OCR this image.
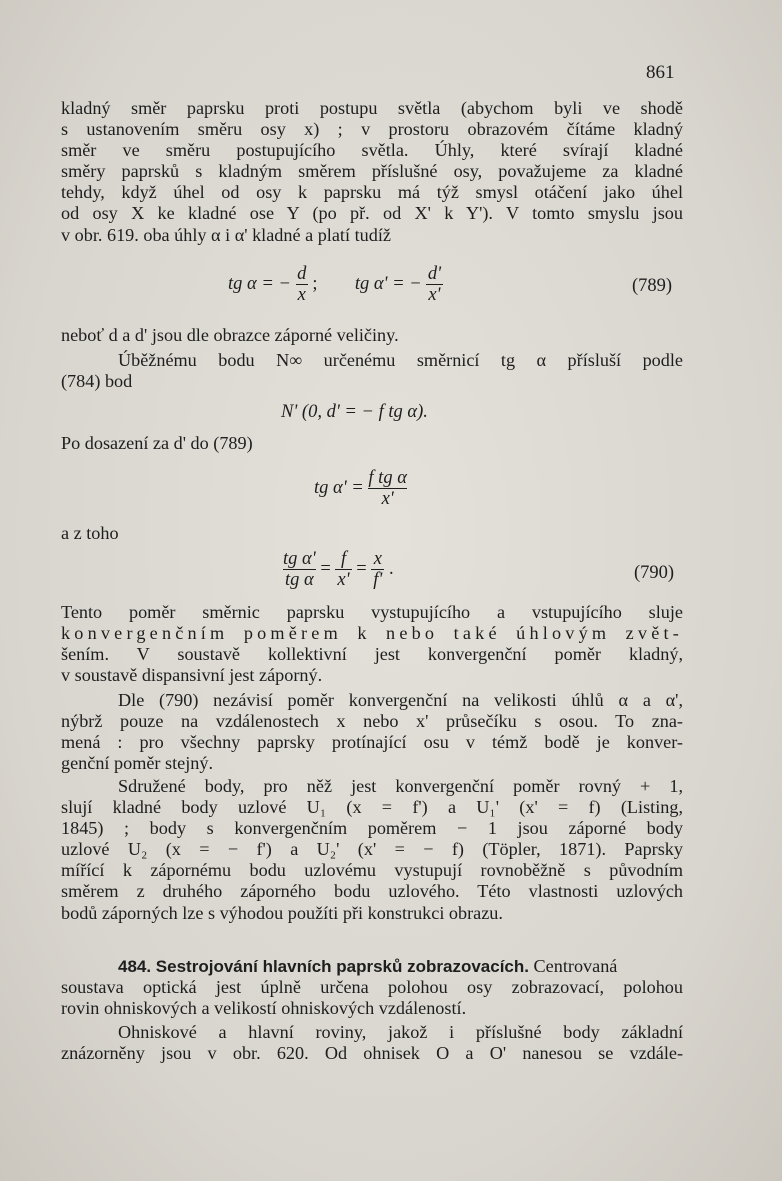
861
kladný směr paprsku proti postupu světla (abychom byli ve shodě
s ustanovením směru osy x) ; v prostoru obrazovém čítáme kladný
směr ve směru postupujícího světla. Úhly, které svírají kladné
směry paprsků s kladným směrem příslušné osy, považujeme za kladné
tehdy, když úhel od osy k paprsku má týž smysl otáčení jako úhel
od osy X ke kladné ose Y (po př. od X' k Y'). V tomto smyslu jsou
v obr. 619. oba úhly α i α' kladné a platí tudíž
tg α = − $\frac{d}{x}$ ; tg α' = − $\frac{d'}{x'}$	(789)
neboť d a d' jsou dle obrazce záporné veličiny.
Úběžnému bodu N∞ určenému směrnicí tg α přísluší podle
(784) bod
N' (0, d' = − f tg α).
Po dosazení za d' do (789)
tg $\alpha' = \frac{\text{f tg α}}{x'}$
a z toho
$\frac{\text{tg α'}}{\text{tg α}} = \frac{f}{x'} = \frac{x}{f'}$ .	(790)
Tento poměr směrnic paprsku vystupujícího a vstupujícího sluje
konvergenčním poměrem k nebo také úhlovým zvět-
šením. V soustavě kollektivní jest konvergenční poměr kladný,
v soustavě dispansivní jest záporný.
Dle (790) nezávisí poměr konvergenční na velikosti úhlů α a α',
nýbrž pouze na vzdálenostech x nebo x' průsečíku s osou. To zna-
mená : pro všechny paprsky protínající osu v témž bodě je konver-
genční poměr stejný.
Sdružené body, pro něž jest konvergenční poměr rovný + 1,
slují kladné body uzlové U₁ (x = f') a U₁' (x' = f) (Listing,
1845) ; body s konvergenčním poměrem − 1 jsou záporné body
uzlové U₂ (x = − f') a U₂' (x' = − f) (Töpler, 1871). Paprsky
mířící k zápornému bodu uzlovému vystupují rovnoběžně s původním
směrem z druhého záporného bodu uzlového. Této vlastnosti uzlových
bodů záporných lze s výhodou použíti při konstrukci obrazu.
484. Sestrojování hlavních paprsků zobrazovacích. Centrovaná
soustava optická jest úplně určena polohou osy zobrazovací, polohou
rovin ohniskových a velikostí ohniskových vzdáleností.
Ohniskové a hlavní roviny, jakož i příslušné body základní
znázorněny jsou v obr. 620. Od ohnisek O a O' nanesou se vzdále-
